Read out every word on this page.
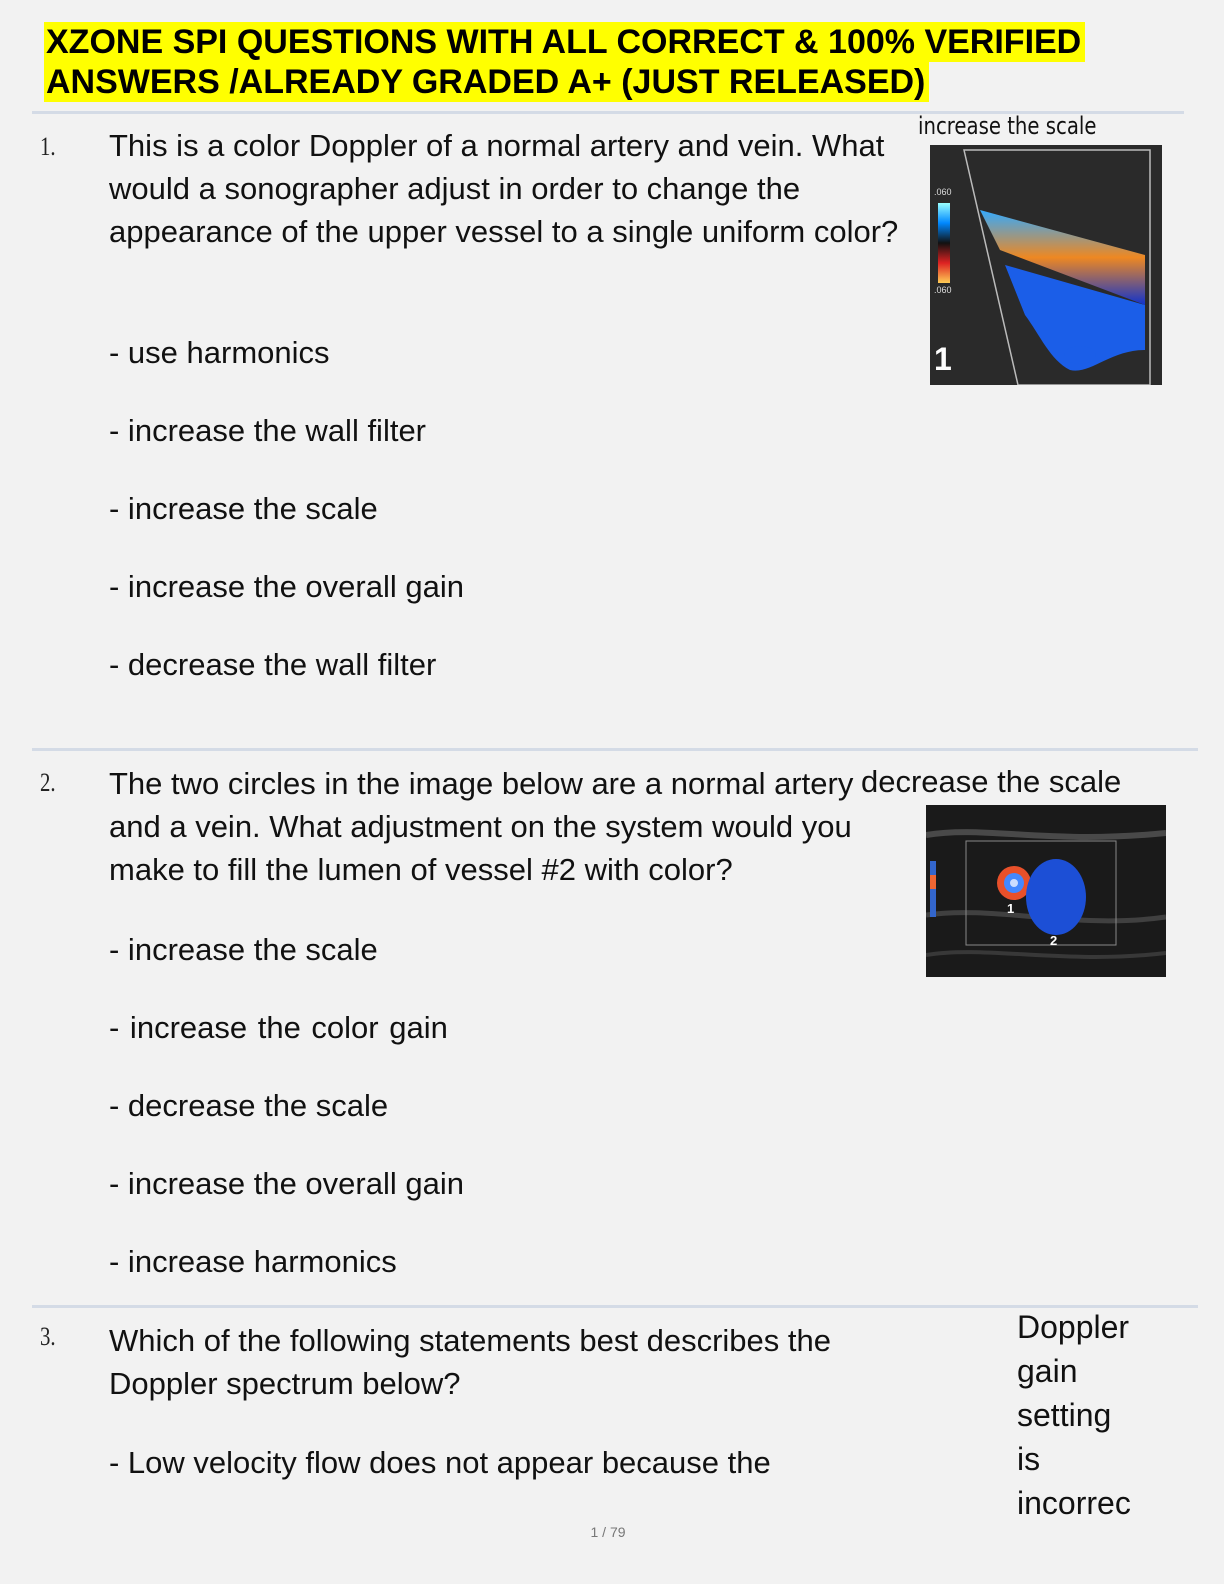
XZONE SPI QUESTIONS WITH ALL CORRECT & 100% VERIFIED
ANSWERS /ALREADY GRADED A+ (JUST RELEASED)
1. This is a color Doppler of a normal artery and vein. What would a sonographer adjust in order to change the appearance of the upper vessel to a single uniform color?

- use harmonics
- increase the wall filter
- increase the scale
- increase the overall gain
- decrease the wall filter
increase the scale
.060
.060
1
2. The two circles in the image below are a normal artery and a vein. What adjustment on the system would you make to fill the lumen of vessel #2 with color?

- increase the scale
- increase the color gain
- decrease the scale
- increase the overall gain
- increase harmonics
decrease the scale
1
2
3. Which of the following statements best describes the Doppler spectrum below?

- Low velocity flow does not appear because the
Doppler
gain
setting
is
incorrec
1 / 79
